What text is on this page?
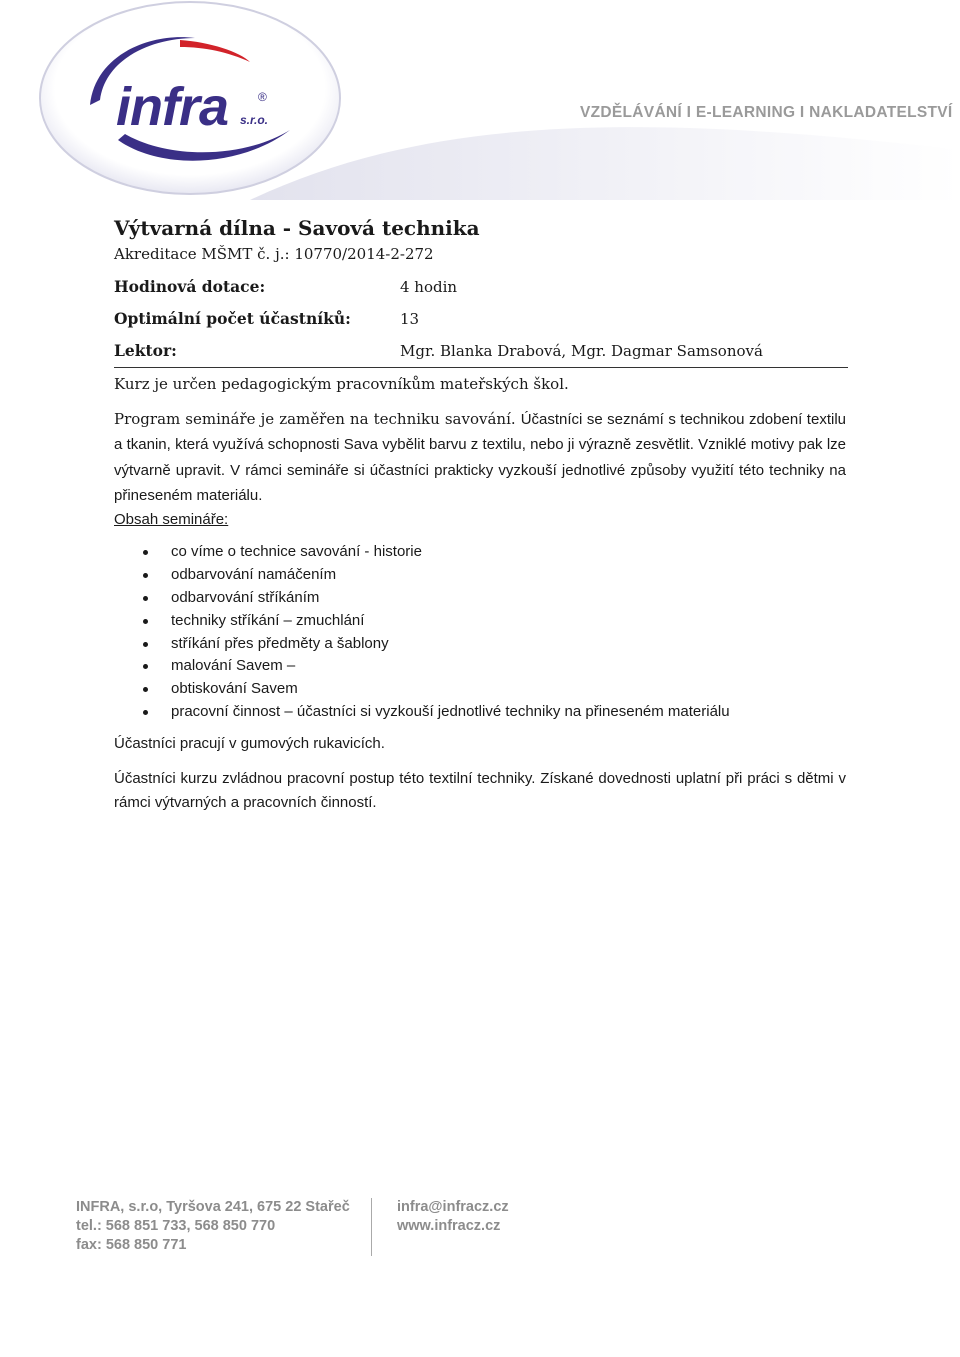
infra ®
s.r.o.	VZDĚLÁVÁNÍ I E-LEARNING I NAKLADATELSTVÍ
Výtvarná dílna - Savová technika
Akreditace MŠMT č. j.: 10770/2014-2-272
Hodinová dotace:	4 hodin
Optimální počet účastníků:	13
Lektor:	Mgr. Blanka Drabová, Mgr. Dagmar Samsonová
Kurz je určen pedagogickým pracovníkům mateřských škol.
Program semináře je zaměřen na techniku savování. Účastníci se seznámí s technikou zdobení textilu a tkanin, která využívá schopnosti Sava vybělit barvu z textilu, nebo ji výrazně zesvětlit. Vzniklé motivy pak lze výtvarně upravit. V rámci semináře si účastníci prakticky vyzkouší jednotlivé způsoby využití této techniky na přineseném materiálu.
Obsah semináře:
co víme o technice savování - historie
odbarvování namáčením
odbarvování stříkáním
techniky stříkání – zmuchlání
stříkání přes předměty a šablony
malování Savem –
obtiskování Savem
pracovní činnost – účastníci si vyzkouší jednotlivé techniky na přineseném materiálu
Účastníci pracují v gumových rukavicích.
Účastníci kurzu zvládnou pracovní postup této textilní techniky. Získané dovednosti uplatní při práci s dětmi v rámci výtvarných a pracovních činností.
INFRA, s.r.o, Tyršova 241, 675 22 Stařeč
tel.: 568 851 733, 568 850 770
fax: 568 850 771
infra@infracz.cz
www.infracz.cz
